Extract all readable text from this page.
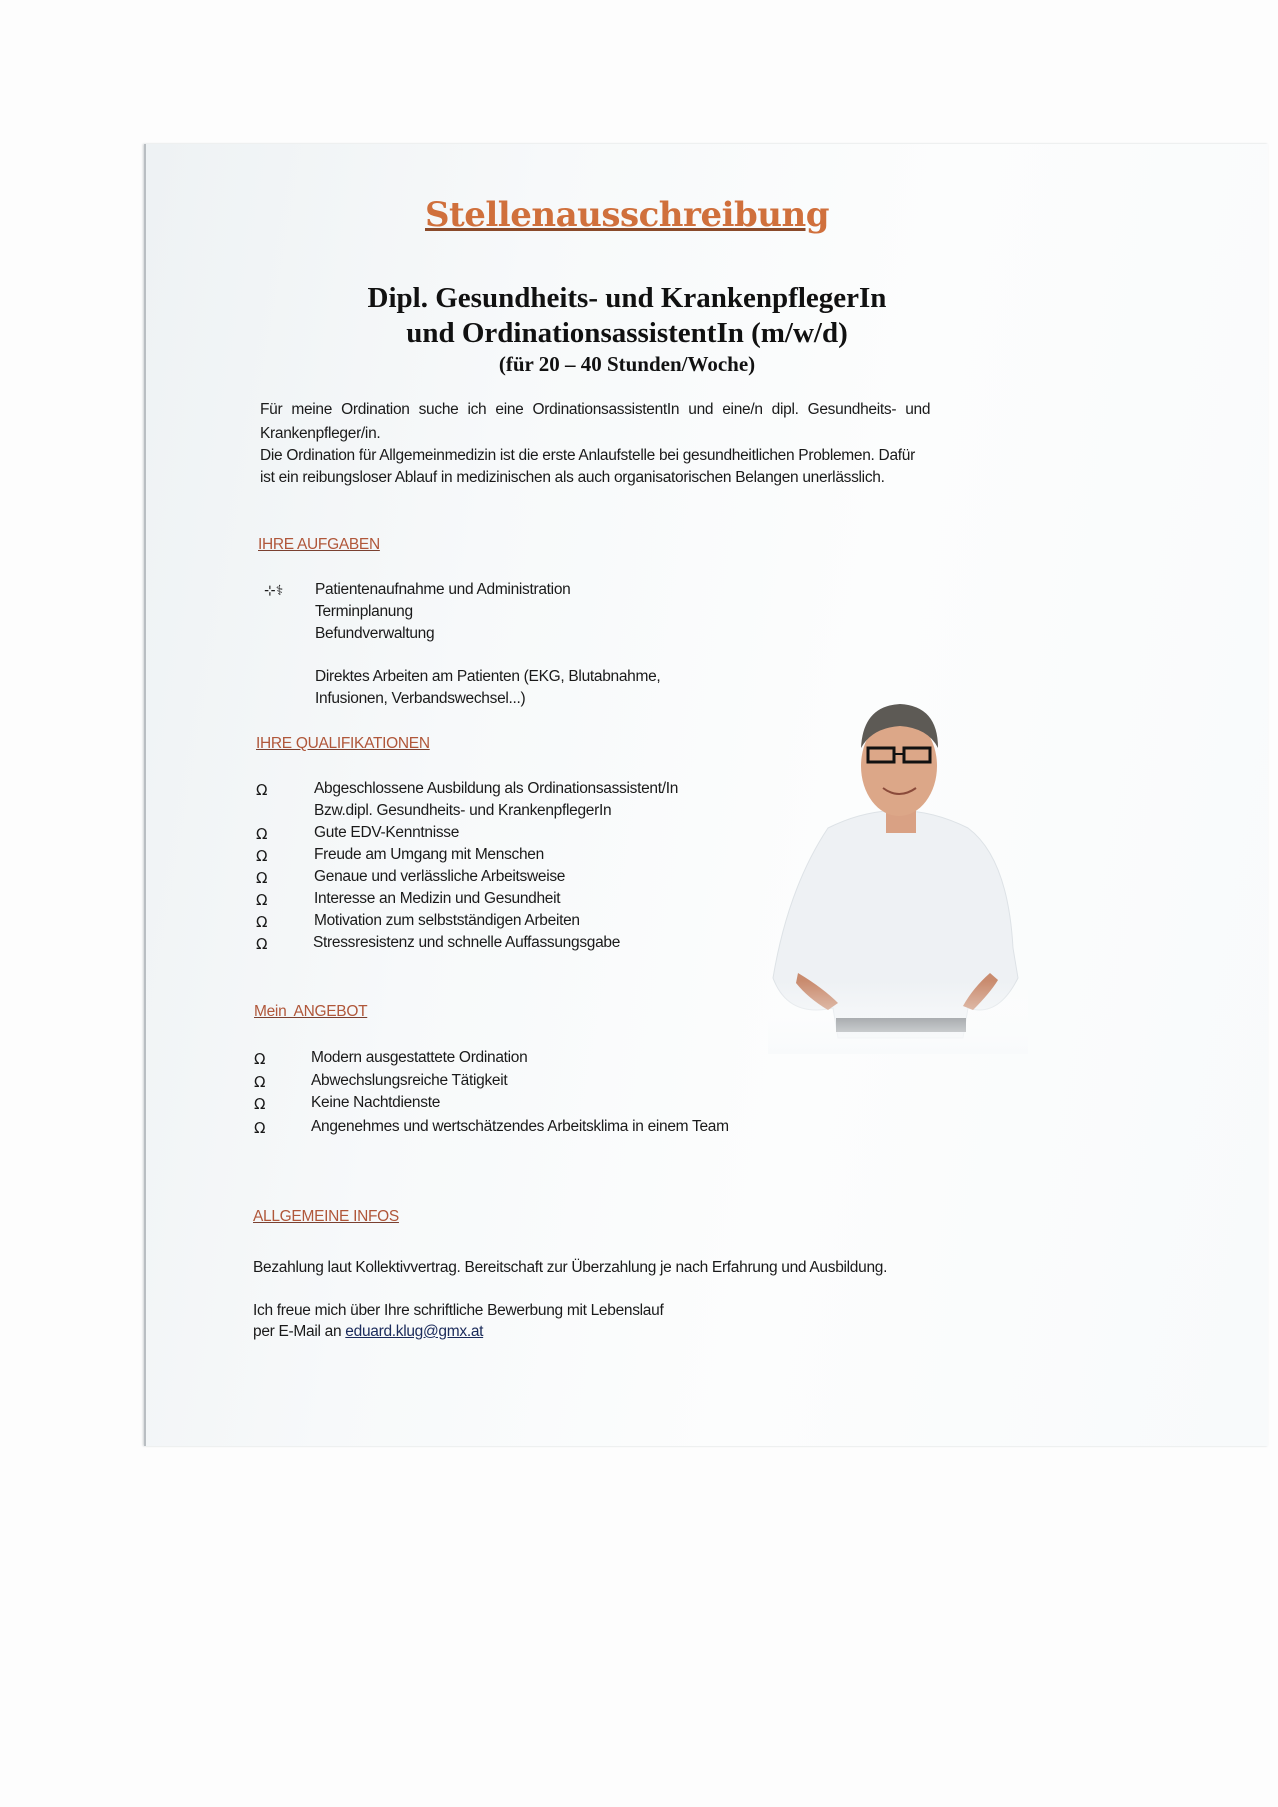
Stellenausschreibung
Dipl. Gesundheits- und KrankenpflegerIn
und OrdinationsassistentIn (m/w/d)
(für 20 – 40 Stunden/Woche)
Für meine Ordination suche ich eine OrdinationsassistentIn und eine/n dipl. Gesundheits- und
Krankenpfleger/in.
Die Ordination für Allgemeinmedizin ist die erste Anlaufstelle bei gesundheitlichen Problemen. Dafür
ist ein reibungsloser Ablauf in medizinischen als auch organisatorischen Belangen unerlässlich.
IHRE AUFGABEN
⊹⚕ Patientenaufnahme und Administration
Terminplanung
Befundverwaltung
Direktes Arbeiten am Patienten (EKG, Blutabnahme,
Infusionen, Verbandswechsel...)
IHRE QUALIFIKATIONEN
Ω	Abgeschlossene Ausbildung als Ordinationsassistent/In
Bzw.dipl. Gesundheits- und KrankenpflegerIn
Ω	Gute EDV-Kenntnisse
Ω	Freude am Umgang mit Menschen
Ω	Genaue und verlässliche Arbeitsweise
Ω	Interesse an Medizin und Gesundheit
Ω	Motivation zum selbstständigen Arbeiten
Ω	Stressresistenz und schnelle Auffassungsgabe
Mein  ANGEBOT
Ω	Modern ausgestattete Ordination
Ω	Abwechslungsreiche Tätigkeit
Ω	Keine Nachtdienste
Ω	Angenehmes und wertschätzendes Arbeitsklima in einem Team
ALLGEMEINE INFOS
Bezahlung laut Kollektivvertrag. Bereitschaft zur Überzahlung je nach Erfahrung und Ausbildung.
Ich freue mich über Ihre schriftliche Bewerbung mit Lebenslauf
per E-Mail an eduard.klug@gmx.at
